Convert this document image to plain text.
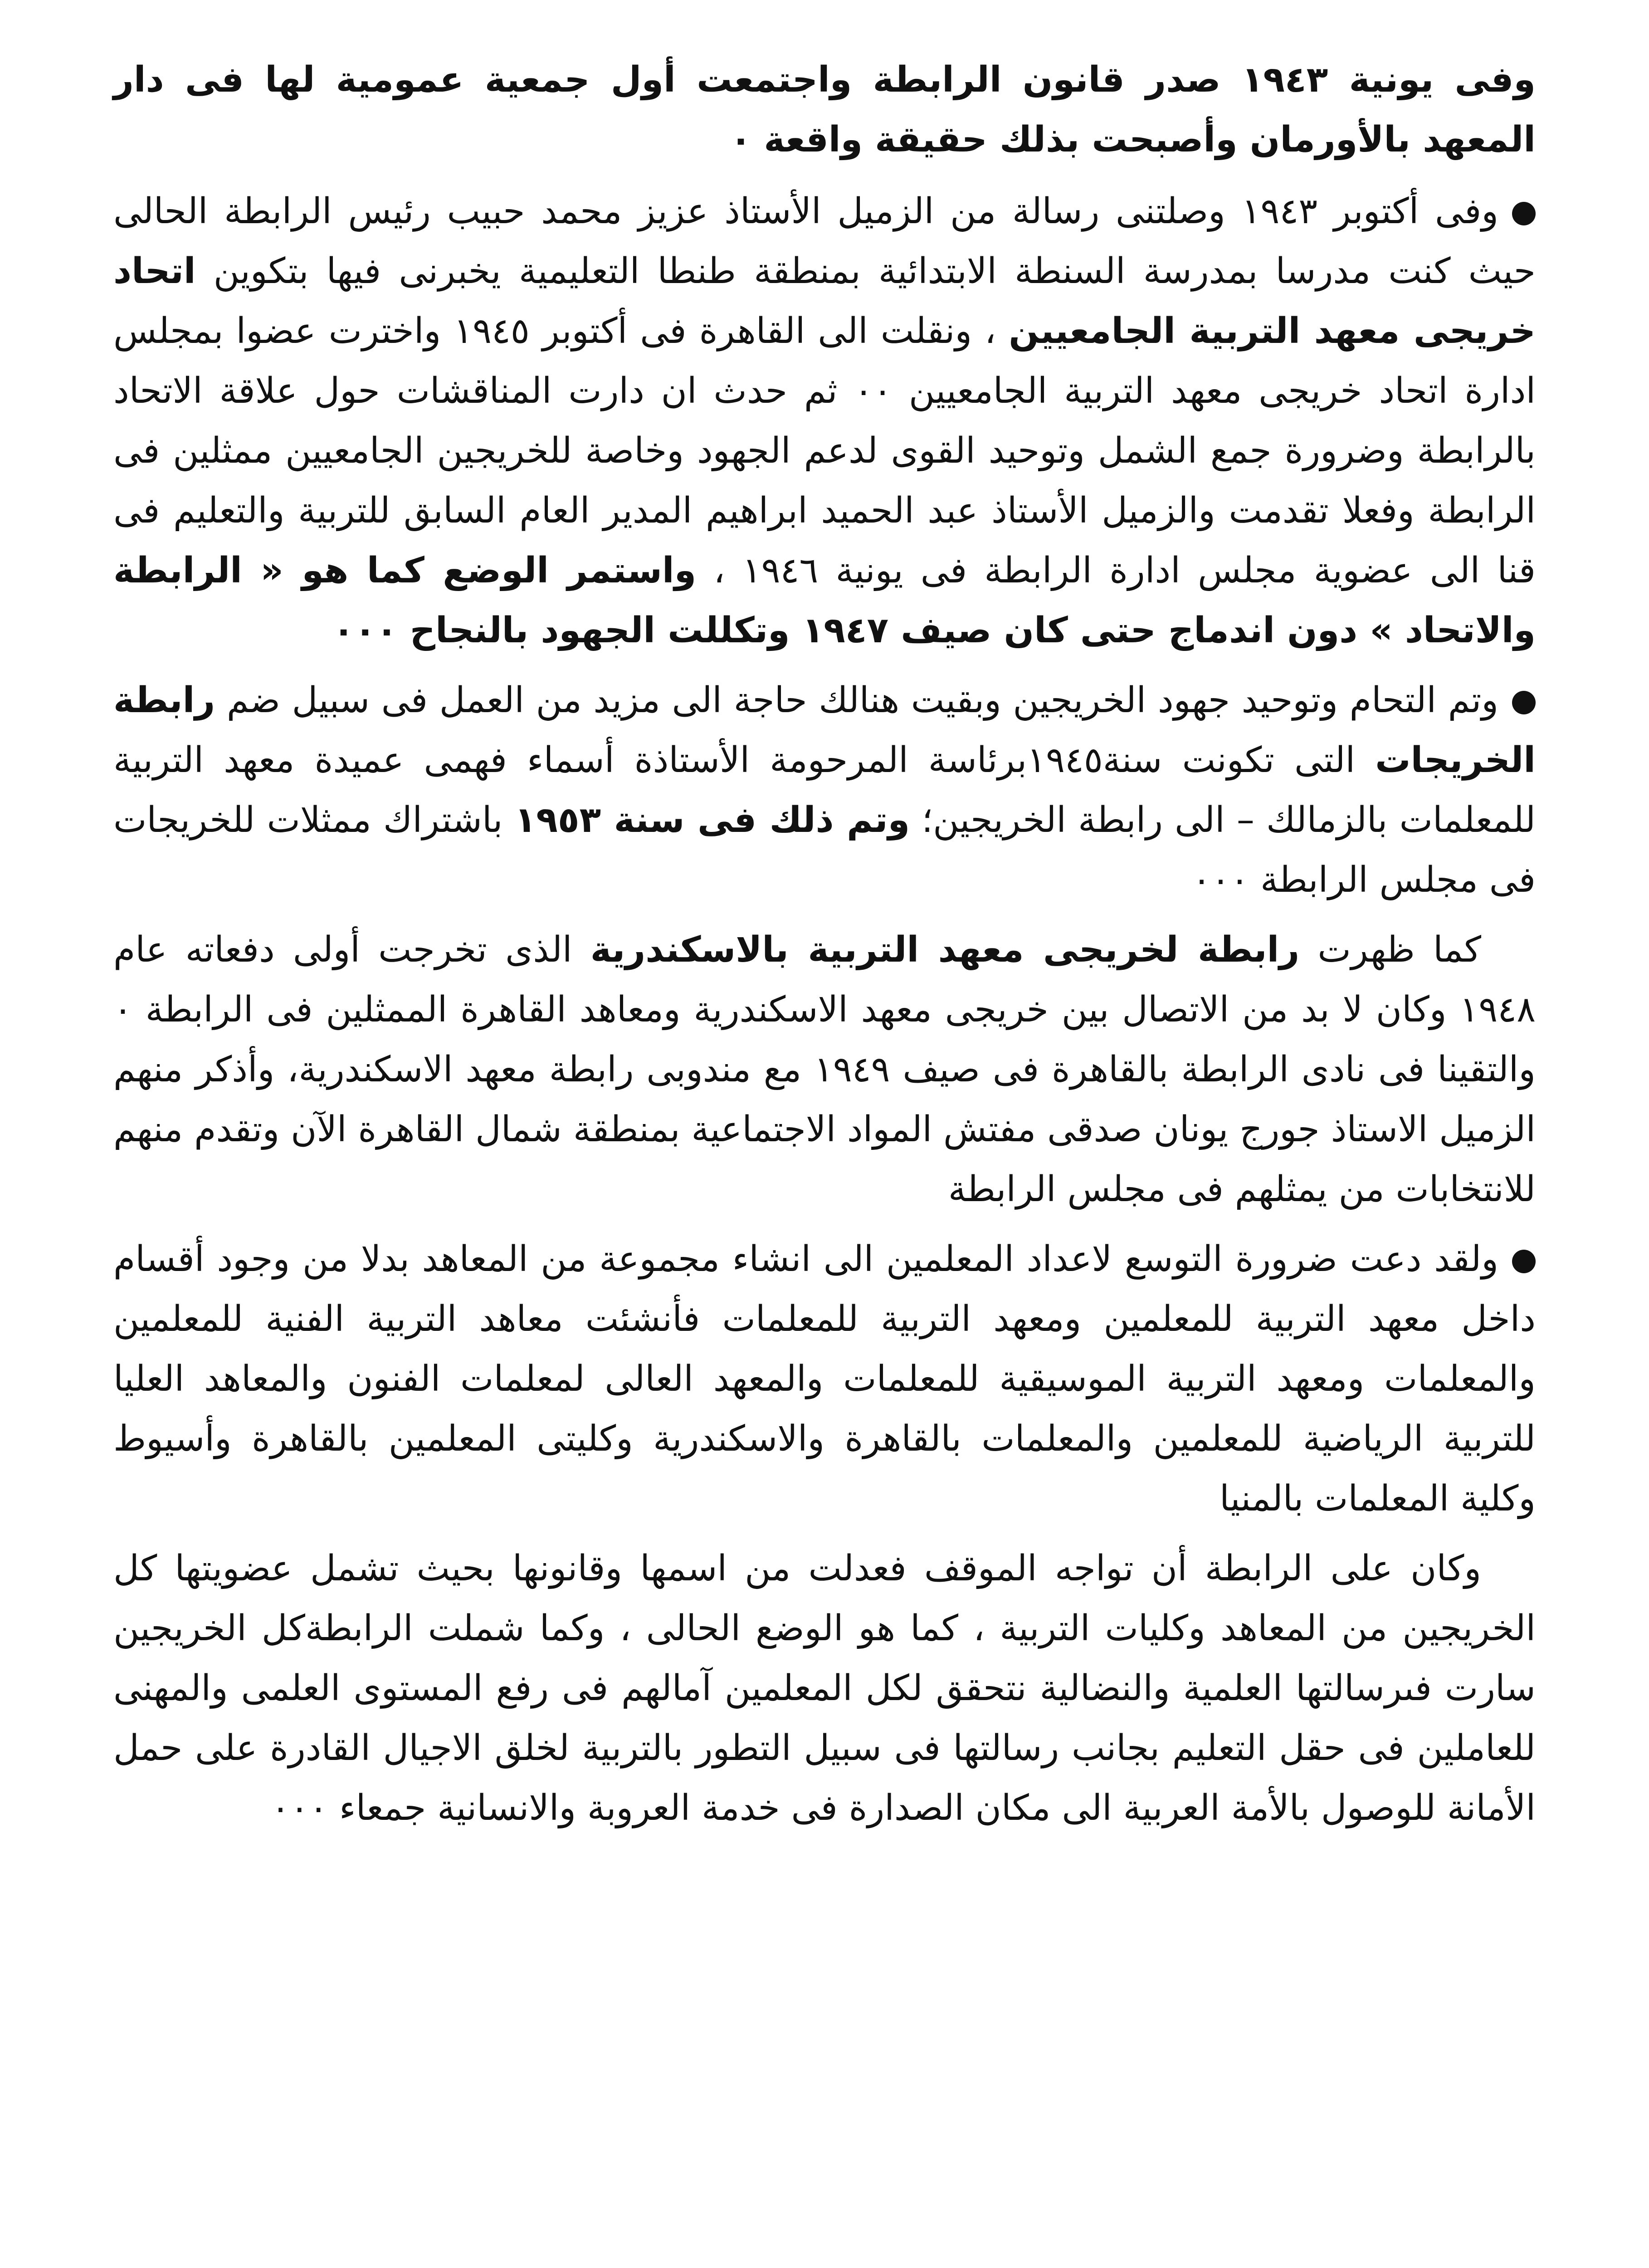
وفى يونية ١٩٤٣ صدر قانون الرابطة واجتمعت أول جمعية عمومية لها فى دار المعهد بالأورمان وأصبحت بذلك حقيقة واقعة ٠

وفى أكتوبر ١٩٤٣ وصلتنى رسالة من الزميل الأستاذ عزيز محمد حبيب رئيس الرابطة الحالى حيث كنت مدرسا بمدرسة السنطة الابتدائية بمنطقة طنطا التعليمية يخبرنى فيها بتكوين اتحاد خريجى معهد التربية الجامعيين ، ونقلت الى القاهرة فى أكتوبر ١٩٤٥ واخترت عضوا بمجلس ادارة اتحاد خريجى معهد التربية الجامعيين ٠٠ ثم حدث ان دارت المناقشات حول علاقة الاتحاد بالرابطة وضرورة جمع الشمل وتوحيد القوى لدعم الجهود وخاصة للخريجين الجامعيين ممثلين فى الرابطة وفعلا تقدمت والزميل الأستاذ عبد الحميد ابراهيم المدير العام السابق للتربية والتعليم فى قنا الى عضوية مجلس ادارة الرابطة فى يونية ١٩٤٦ ، واستمر الوضع كما هو « الرابطة والاتحاد » دون اندماج حتى كان صيف ١٩٤٧ وتكللت الجهود بالنجاح ٠٠٠

وتم التحام وتوحيد جهود الخريجين وبقيت هنالك حاجة الى مزيد من العمل فى سبيل ضم رابطة الخريجات التى تكونت سنة١٩٤٥برئاسة المرحومة الأستاذة أسماء فهمى عميدة معهد التربية للمعلمات بالزمالك – الى رابطة الخريجين؛ وتم ذلك فى سنة ١٩٥٣ باشتراك ممثلات للخريجات فى مجلس الرابطة ٠٠٠

كما ظهرت رابطة لخريجى معهد التربية بالاسكندرية الذى تخرجت أولى دفعاته عام ١٩٤٨ وكان لا بد من الاتصال بين خريجى معهد الاسكندرية ومعاهد القاهرة الممثلين فى الرابطة ٠ والتقينا فى نادى الرابطة بالقاهرة فى صيف ١٩٤٩ مع مندوبى رابطة معهد الاسكندرية، وأذكر منهم الزميل الاستاذ جورج يونان صدقى مفتش المواد الاجتماعية بمنطقة شمال القاهرة الآن وتقدم منهم للانتخابات من يمثلهم فى مجلس الرابطة

ولقد دعت ضرورة التوسع لاعداد المعلمين الى انشاء مجموعة من المعاهد بدلا من وجود أقسام داخل معهد التربية للمعلمين ومعهد التربية للمعلمات فأنشئت معاهد التربية الفنية للمعلمين والمعلمات ومعهد التربية الموسيقية للمعلمات والمعهد العالى لمعلمات الفنون والمعاهد العليا للتربية الرياضية للمعلمين والمعلمات بالقاهرة والاسكندرية وكليتى المعلمين بالقاهرة وأسيوط وكلية المعلمات بالمنيا

وكان على الرابطة أن تواجه الموقف فعدلت من اسمها وقانونها بحيث تشمل عضويتها كل الخريجين من المعاهد وكليات التربية ، كما هو الوضع الحالى ، وكما شملت الرابطةكل الخريجين سارت فىرسالتها العلمية والنضالية نتحقق لكل المعلمين آمالهم فى رفع المستوى العلمى والمهنى للعاملين فى حقل التعليم بجانب رسالتها فى سبيل التطور بالتربية لخلق الاجيال القادرة على حمل الأمانة للوصول بالأمة العربية الى مكان الصدارة فى خدمة العروبة والانسانية جمعاء ٠٠٠
